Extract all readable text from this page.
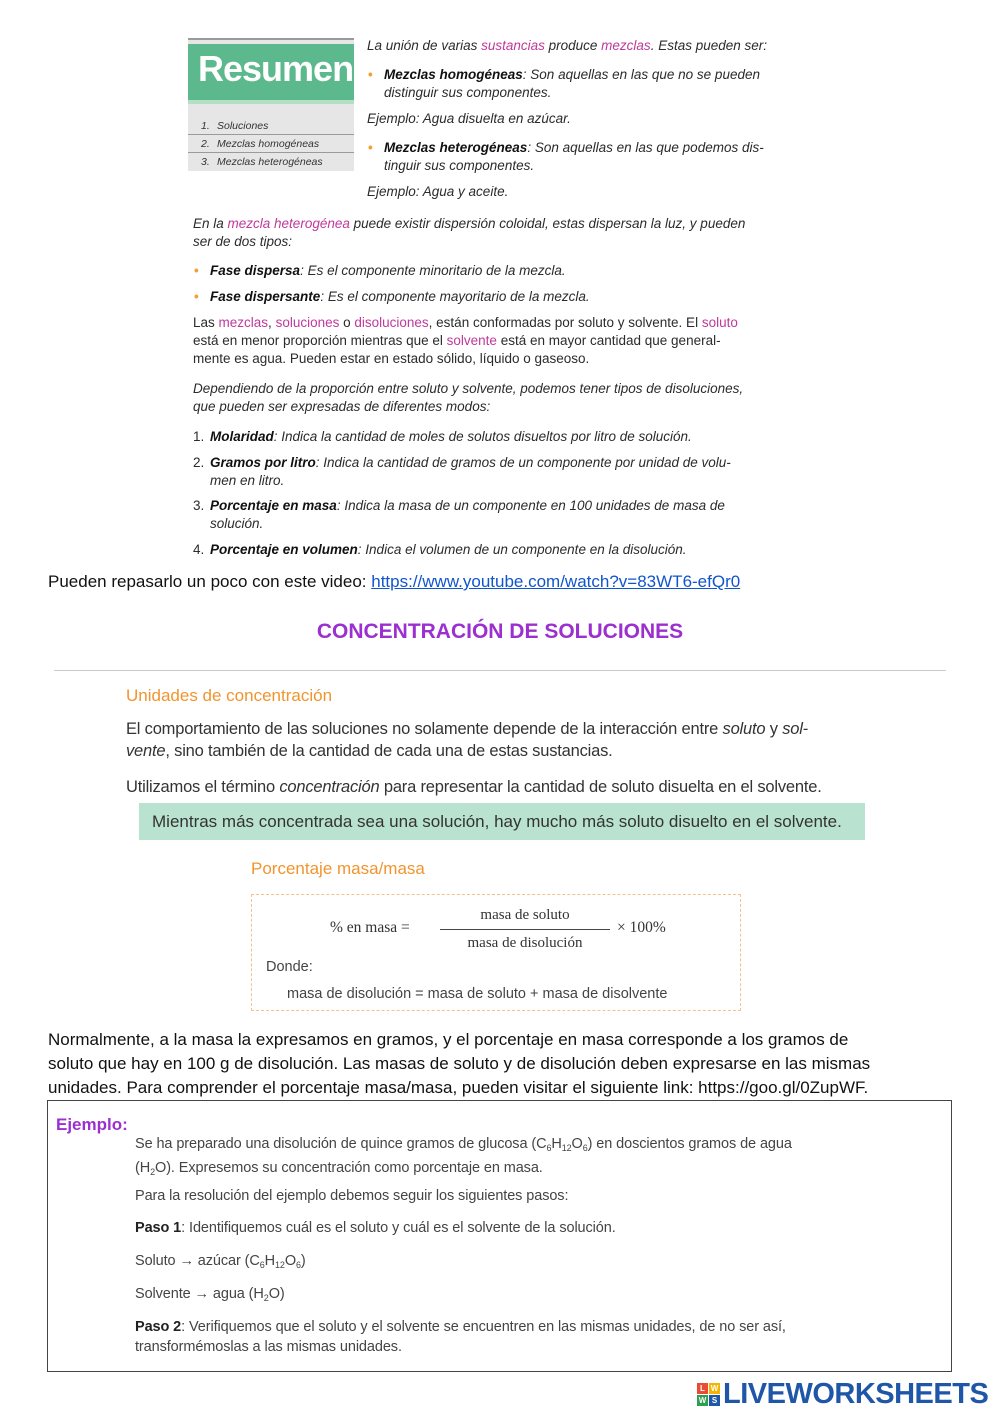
Resumen
1. Soluciones
2. Mezclas homogéneas
3. Mezclas heterogéneas
La unión de varias sustancias produce mezclas. Estas pueden ser:
• Mezclas homogéneas: Son aquellas en las que no se pueden
distinguir sus componentes.
Ejemplo: Agua disuelta en azúcar.
• Mezclas heterogéneas: Son aquellas en las que podemos dis-
tinguir sus componentes.
Ejemplo: Agua y aceite.
En la mezcla heterogénea puede existir dispersión coloidal, estas dispersan la luz, y pueden
ser de dos tipos:
• Fase dispersa: Es el componente minoritario de la mezcla.
• Fase dispersante: Es el componente mayoritario de la mezcla.
Las mezclas, soluciones o disoluciones, están conformadas por soluto y solvente. El soluto
está en menor proporción mientras que el solvente está en mayor cantidad que general-
mente es agua. Pueden estar en estado sólido, líquido o gaseoso.
Dependiendo de la proporción entre soluto y solvente, podemos tener tipos de disoluciones,
que pueden ser expresadas de diferentes modos:
1. Molaridad: Indica la cantidad de moles de solutos disueltos por litro de solución.
2. Gramos por litro: Indica la cantidad de gramos de un componente por unidad de volu-
men en litro.
3. Porcentaje en masa: Indica la masa de un componente en 100 unidades de masa de
solución.
4. Porcentaje en volumen: Indica el volumen de un componente en la disolución.
Pueden repasarlo un poco con este video: https://www.youtube.com/watch?v=83WT6-efQr0
CONCENTRACIÓN DE SOLUCIONES
Unidades de concentración
El comportamiento de las soluciones no solamente depende de la interacción entre soluto y sol-
vente, sino también de la cantidad de cada una de estas sustancias.
Utilizamos el término concentración para representar la cantidad de soluto disuelta en el solvente.
Mientras más concentrada sea una solución, hay mucho más soluto disuelto en el solvente.
Porcentaje masa/masa
% en masa =
masa de soluto
masa de disolución
× 100%
Donde:
masa de disolución = masa de soluto + masa de disolvente
Normalmente, a la masa la expresamos en gramos, y el porcentaje en masa corresponde a los gramos de
soluto que hay en 100 g de disolución. Las masas de soluto y de disolución deben expresarse en las mismas
unidades. Para comprender el porcentaje masa/masa, pueden visitar el siguiente link: https://goo.gl/0ZupWF.
Ejemplo:
Se ha preparado una disolución de quince gramos de glucosa $(C_6H_{12}O_6)$ en doscientos gramos de agua
$(H_2O)$. Expresemos su concentración como porcentaje en masa.
Para la resolución del ejemplo debemos seguir los siguientes pasos:
Paso 1: Identifiquemos cuál es el soluto y cuál es el solvente de la solución.
Soluto → azúcar $(C_6H_{12}O_6)$
Solvente → agua $(H_2O)$
Paso 2: Verifiquemos que el soluto y el solvente se encuentren en las mismas unidades, de no ser así,
transformémoslas a las mismas unidades.
L W
W S LIVEWORKSHEETS
